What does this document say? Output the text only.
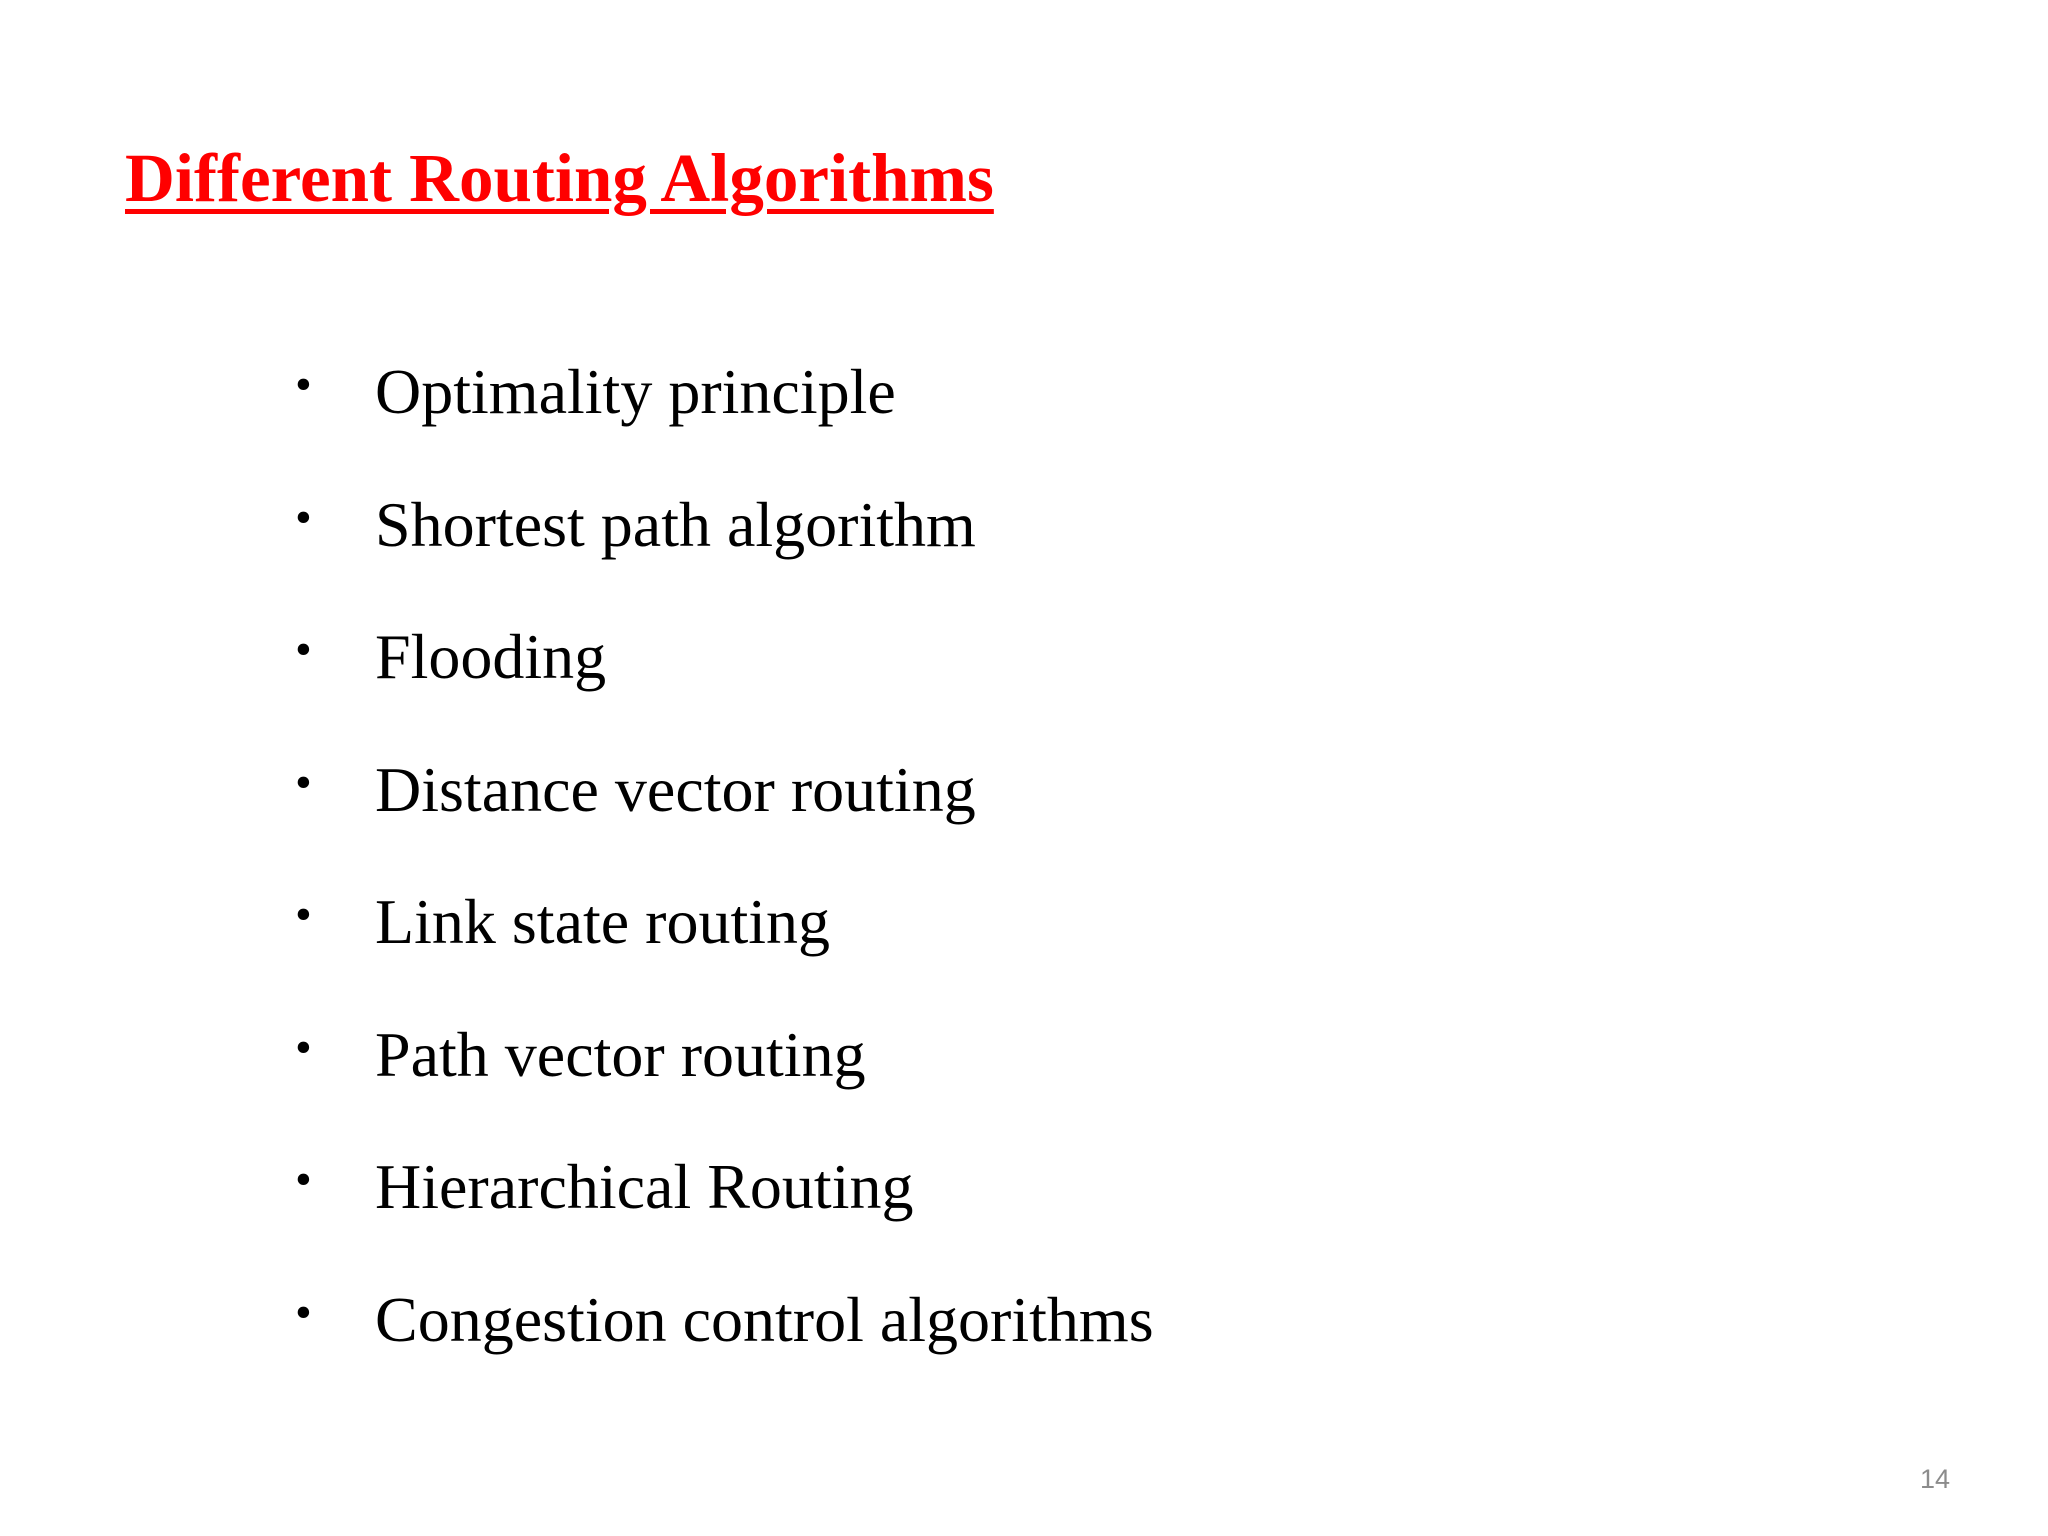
Different Routing Algorithms
• Optimality principle
• Shortest path algorithm
• Flooding
• Distance vector routing
• Link state routing
• Path vector routing
• Hierarchical Routing
• Congestion control algorithms
14
